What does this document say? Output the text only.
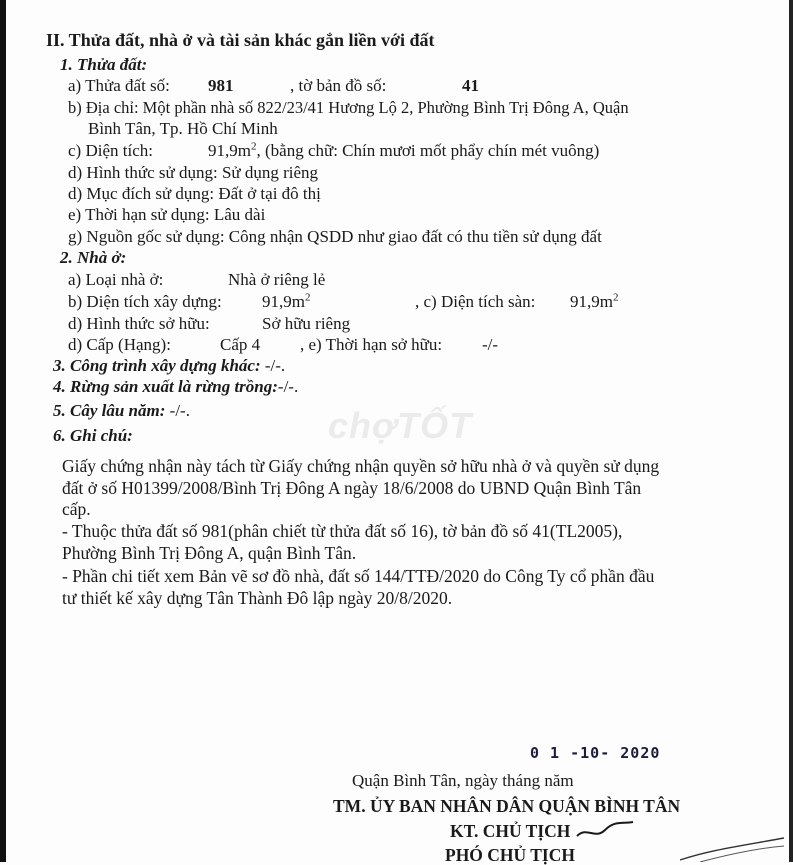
II. Thửa đất, nhà ở và tài sản khác gắn liền với đất
1. Thửa đất:
a) Thửa đất số: 981	, tờ bản đồ số:	41
b) Địa chỉ: Một phần nhà số 822/23/41 Hương Lộ 2, Phường Bình Trị Đông A, Quận
Bình Tân, Tp. Hồ Chí Minh
c) Diện tích:	$91,9m^2$, (bằng chữ: Chín mươi mốt phẩy chín mét vuông)
d) Hình thức sử dụng: Sử dụng riêng
d) Mục đích sử dụng: Đất ở tại đô thị
e) Thời hạn sử dụng: Lâu dài
g) Nguồn gốc sử dụng: Công nhận QSDD như giao đất có thu tiền sử dụng đất
2. Nhà ở:
a) Loại nhà ở:	Nhà ở riêng lẻ
b) Diện tích xây dựng: $91,9m^2$	, c) Diện tích sàn: $91,9m^2$
d) Hình thức sở hữu:	Sở hữu riêng
d) Cấp (Hạng):	Cấp 4 , e) Thời hạn sở hữu: -/-
3. Công trình xây dựng khác: -/-.
4. Rừng sản xuất là rừng trồng:-/-.
5. Cây lâu năm: -/-.
6. Ghi chú:
Giấy chứng nhận này tách từ Giấy chứng nhận quyền sở hữu nhà ở và quyền sử dụng
đất ở số H01399/2008/Bình Trị Đông A ngày 18/6/2008 do UBND Quận Bình Tân
cấp.
- Thuộc thửa đất số 981(phân chiết từ thửa đất số 16), tờ bản đồ số 41(TL2005),
Phường Bình Trị Đông A, quận Bình Tân.
- Phần chi tiết xem Bản vẽ sơ đồ nhà, đất số 144/TTĐ/2020 do Công Ty cổ phần đầu
tư thiết kế xây dựng Tân Thành Đô lập ngày 20/8/2020.
chợTỐT
0 1 -10- 2020
Quận Bình Tân, ngày tháng năm
TM. ỦY BAN NHÂN DÂN QUẬN BÌNH TÂN
KT. CHỦ TỊCH
PHÓ CHỦ TỊCH
